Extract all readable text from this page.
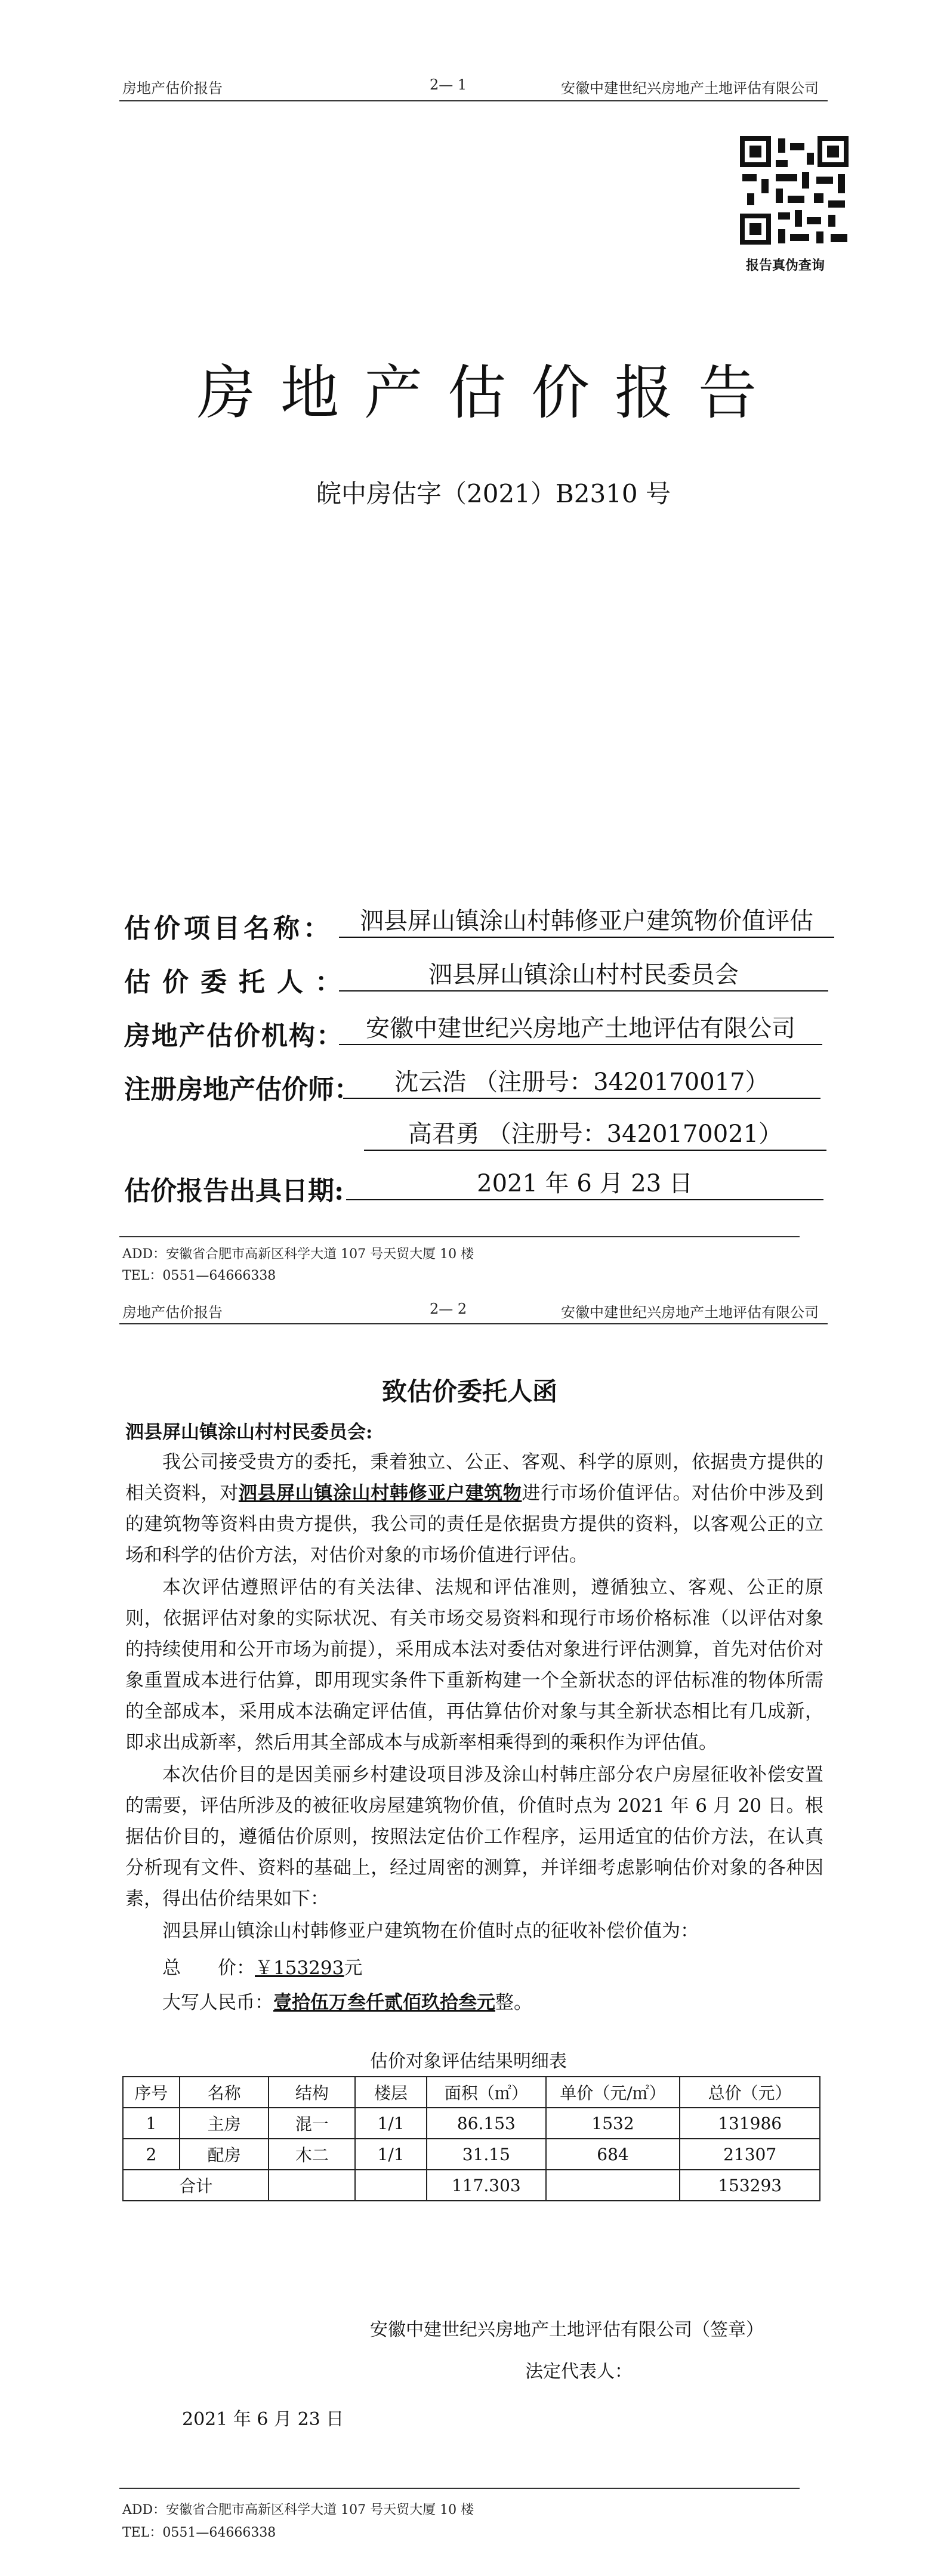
房地产估价报告	2— 1	安徽中建世纪兴房地产土地评估有限公司
报告真伪查询
房地产估价报告
皖中房估字（2021）B2310 号
估价项目名称：	泗县屏山镇涂山村韩修亚户建筑物价值评估
估价委托人：	泗县屏山镇涂山村村民委员会
房地产估价机构： 安徽中建世纪兴房地产土地评估有限公司
注册房地产估价师：	沈云浩 （注册号：3420170017）
高君勇 （注册号：3420170021）
估价报告出具日期:	2021 年 6 月 23 日
ADD：安徽省合肥市高新区科学大道 107 号天贸大厦 10 楼
TEL：0551—64666338
房地产估价报告	2— 2	安徽中建世纪兴房地产土地评估有限公司
致估价委托人函
泗县屏山镇涂山村村民委员会:

我公司接受贵方的委托，秉着独立、公正、客观、科学的原则，依据贵方提供的相关资料，对泗县屏山镇涂山村韩修亚户建筑物进行市场价值评估。对估价中涉及到的建筑物等资料由贵方提供，我公司的责任是依据贵方提供的资料，以客观公正的立场和科学的估价方法，对估价对象的市场价值进行评估。

本次评估遵照评估的有关法律、法规和评估准则，遵循独立、客观、公正的原则，依据评估对象的实际状况、有关市场交易资料和现行市场价格标准（以评估对象的持续使用和公开市场为前提），采用成本法对委估对象进行评估测算，首先对估价对象重置成本进行估算，即用现实条件下重新构建一个全新状态的评估标准的物体所需的全部成本，采用成本法确定评估值，再估算估价对象与其全新状态相比有几成新，即求出成新率，然后用其全部成本与成新率相乘得到的乘积作为评估值。

本次估价目的是因美丽乡村建设项目涉及涂山村韩庄部分农户房屋征收补偿安置的需要，评估所涉及的被征收房屋建筑物价值，价值时点为 2021 年 6 月 20 日。根据估价目的，遵循估价原则，按照法定估价工作程序，运用适宜的估价方法，在认真分析现有文件、资料的基础上，经过周密的测算，并详细考虑影响估价对象的各种因素，得出估价结果如下：

泗县屏山镇涂山村韩修亚户建筑物在价值时点的征收补偿价值为：

总　　价：￥153293元

大写人民币：壹拾伍万叁仟贰佰玖拾叁元整。

估价对象评估结果明细表
序号	名称	结构	楼层	面积（㎡）	单价（元/㎡）	总价（元）
1	主房	混一	1/1	86.153	1532	131986
2	配房	木二	1/1	31.15	684	21307
合计				117.303		153293
安徽中建世纪兴房地产土地评估有限公司（签章）
法定代表人：
2021 年 6 月 23 日
ADD：安徽省合肥市高新区科学大道 107 号天贸大厦 10 楼
TEL：0551—64666338
